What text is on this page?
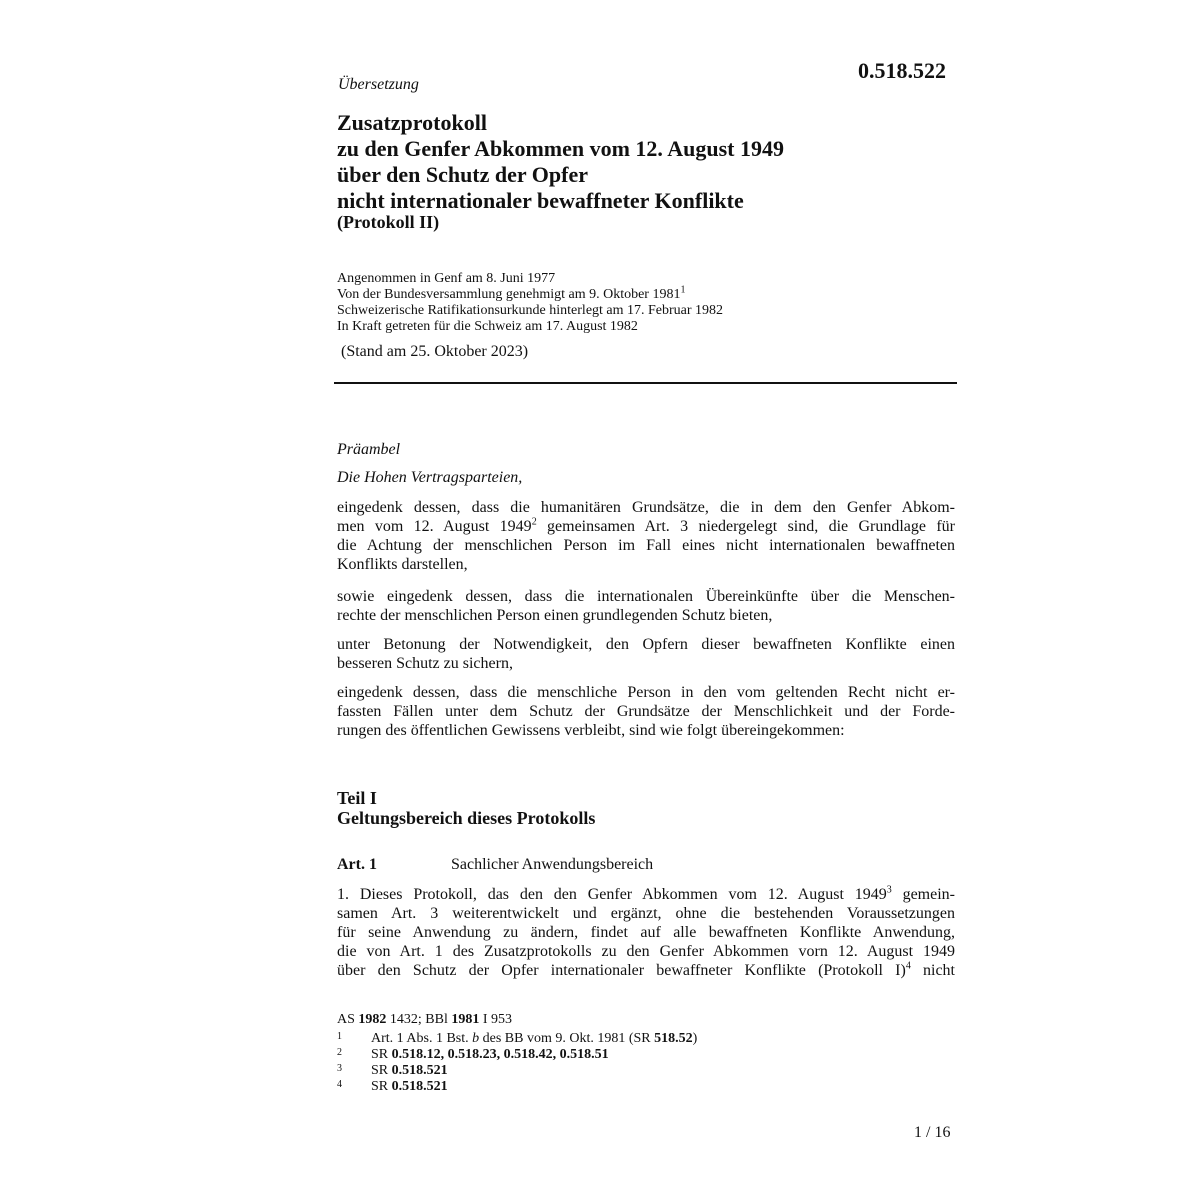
0.518.522
Übersetzung
Zusatzprotokoll
zu den Genfer Abkommen vom 12. August 1949
über den Schutz der Opfer
nicht internationaler bewaffneter Konflikte
(Protokoll II)
Angenommen in Genf am 8. Juni 1977
Von der Bundesversammlung genehmigt am 9. Oktober 1981$^1$
Schweizerische Ratifikationsurkunde hinterlegt am 17. Februar 1982
In Kraft getreten für die Schweiz am 17. August 1982
(Stand am 25. Oktober 2023)
Präambel
Die Hohen Vertragsparteien,
eingedenk dessen, dass die humanitären Grundsätze, die in dem den Genfer Abkom-
men vom 12. August 1949$^2$ gemeinsamen Art. 3 niedergelegt sind, die Grundlage für
die Achtung der menschlichen Person im Fall eines nicht internationalen bewaffneten
Konflikts darstellen,
sowie eingedenk dessen, dass die internationalen Übereinkünfte über die Menschen-
rechte der menschlichen Person einen grundlegenden Schutz bieten,
unter Betonung der Notwendigkeit, den Opfern dieser bewaffneten Konflikte einen
besseren Schutz zu sichern,
eingedenk dessen, dass die menschliche Person in den vom geltenden Recht nicht er-
fassten Fällen unter dem Schutz der Grundsätze der Menschlichkeit und der Forde-
rungen des öffentlichen Gewissens verbleibt, sind wie folgt übereingekommen:
Teil I
Geltungsbereich dieses Protokolls
Art. 1	Sachlicher Anwendungsbereich
1. Dieses Protokoll, das den den Genfer Abkommen vom 12. August 1949$^3$ gemein-
samen Art. 3 weiterentwickelt und ergänzt, ohne die bestehenden Voraussetzungen
für seine Anwendung zu ändern, findet auf alle bewaffneten Konflikte Anwendung,
die von Art. 1 des Zusatzprotokolls zu den Genfer Abkommen vorn 12. August 1949
über den Schutz der Opfer internationaler bewaffneter Konflikte (Protokoll I)$^4$ nicht
AS 1982 1432; BBl 1981 I 953
1 Art. 1 Abs. 1 Bst. b des BB vom 9. Okt. 1981 (SR 518.52)
2 SR 0.518.12, 0.518.23, 0.518.42, 0.518.51
3 SR 0.518.521
4 SR 0.518.521
1 / 16
